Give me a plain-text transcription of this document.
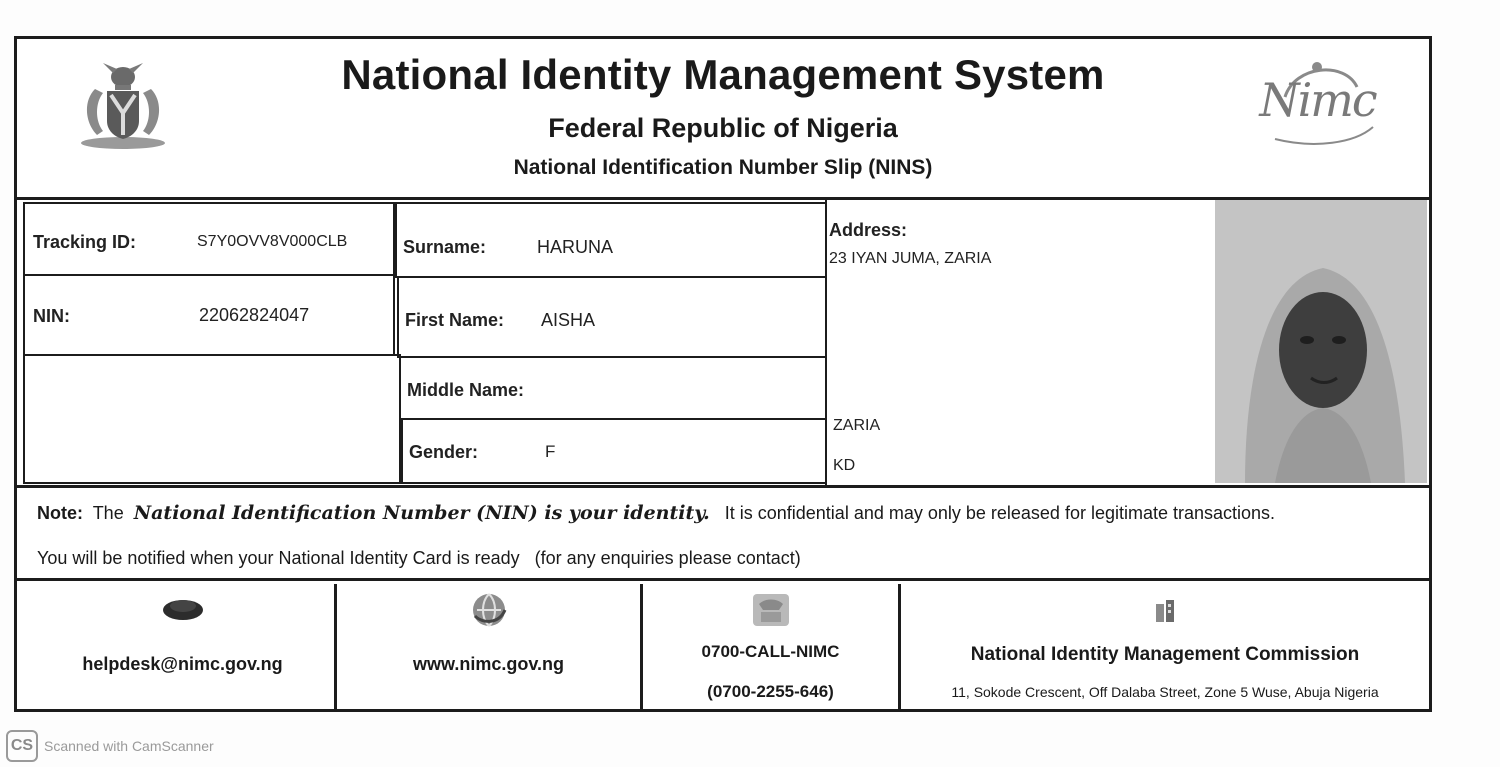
National Identity Management System
Federal Republic of Nigeria
National Identification Number Slip (NINS)
Nimc
Tracking ID:	S7Y0OVV8V000CLB
NIN:	22062824047
Surname:	HARUNA
First Name: AISHA
Middle Name:
Gender:	F
Address:
23 IYAN JUMA, ZARIA
ZARIA
KD
Note: The National Identification Number (NIN) is your identity. It is confidential and may only be released for legitimate transactions.
You will be notified when your National Identity Card is ready   (for any enquiries please contact)
helpdesk@nimc.gov.ng	www.nimc.gov.ng
0700-CALL-NIMC
(0700-2255-646)
National Identity Management Commission
11, Sokode Crescent, Off Dalaba Street, Zone 5 Wuse, Abuja Nigeria
CS Scanned with CamScanner
